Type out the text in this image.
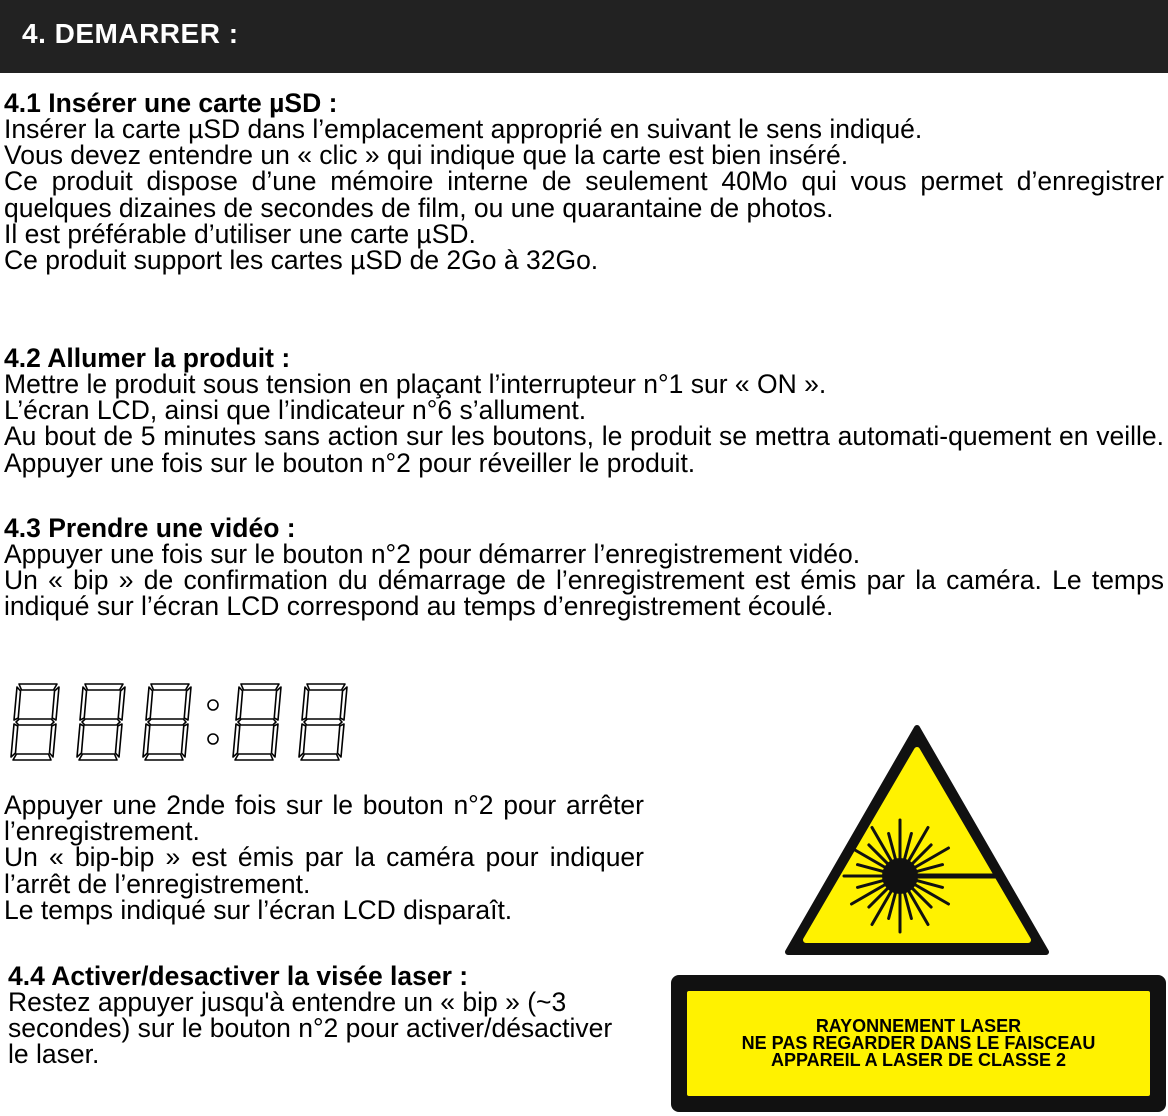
4. DEMARRER :
4.1 Insérer une carte µSD :

Insérer la carte µSD dans l’emplacement approprié en suivant le sens indiqué.

Vous devez entendre un « clic » qui indique que la carte est bien inséré.

Ce produit dispose d’une mémoire interne de seulement 40Mo qui vous permet d’enregistrer quelques dizaines de secondes de film, ou une quarantaine de photos.

Il est préférable d’utiliser une carte µSD.

Ce produit support les cartes µSD de 2Go à 32Go.

4.2 Allumer la produit :

Mettre le produit sous tension en plaçant l’interrupteur n°1 sur « ON ».

L’écran LCD, ainsi que l’indicateur n°6 s’allument.

Au bout de 5 minutes sans action sur les boutons, le produit se mettra automati-quement en veille. Appuyer une fois sur le bouton n°2 pour réveiller le produit.

4.3 Prendre une vidéo :

Appuyer une fois sur le bouton n°2 pour démarrer l’enregistrement vidéo.

Un « bip » de confirmation du démarrage de l’enregistrement est émis par la caméra. Le temps indiqué sur l’écran LCD correspond au temps d’enregistrement écoulé.

Appuyer une 2nde fois sur le bouton n°2 pour arrêter l’enregistrement.

Un « bip-bip » est émis par la caméra pour indiquer l’arrêt de l’enregistrement.

Le temps indiqué sur l’écran LCD disparaît.

4.4 Activer/desactiver la visée laser :

Restez appuyer jusqu'à entendre un « bip » (~3 secondes) sur le bouton n°2 pour activer/désactiver le laser.

RAYONNEMENT LASER
NE PAS REGARDER DANS LE FAISCEAU
APPAREIL A LASER DE CLASSE 2
